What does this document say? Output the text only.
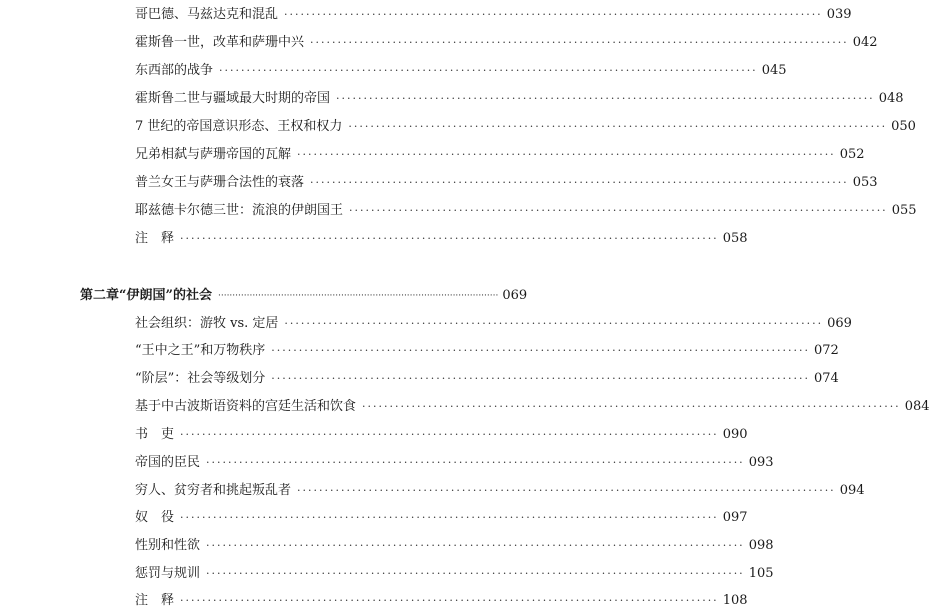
哥巴德、马兹达克和混乱 ·································································································· 039
霍斯鲁一世，改革和萨珊中兴 ·································································································· 042
东西部的战争 ·································································································· 045
霍斯鲁二世与疆域最大时期的帝国 ·································································································· 048
7 世纪的帝国意识形态、王权和权力 ·································································································· 050
兄弟相弑与萨珊帝国的瓦解 ·································································································· 052
普兰女王与萨珊合法性的衰落 ·································································································· 053
耶兹德卡尔德三世：流浪的伊朗国王 ·································································································· 055
注　释 ·································································································· 058
第二章 “伊朗国”的社会 ·································································································· 069
社会组织：游牧 vs. 定居 ·································································································· 069
“王中之王”和万物秩序 ·································································································· 072
“阶层”：社会等级划分 ·································································································· 074
基于中古波斯语资料的宫廷生活和饮食 ·································································································· 084
书　吏 ·································································································· 090
帝国的臣民 ·································································································· 093
穷人、贫穷者和挑起叛乱者 ·································································································· 094
奴　役 ·································································································· 097
性别和性欲 ·································································································· 098
惩罚与规训 ·································································································· 105
注　释 ·································································································· 108
